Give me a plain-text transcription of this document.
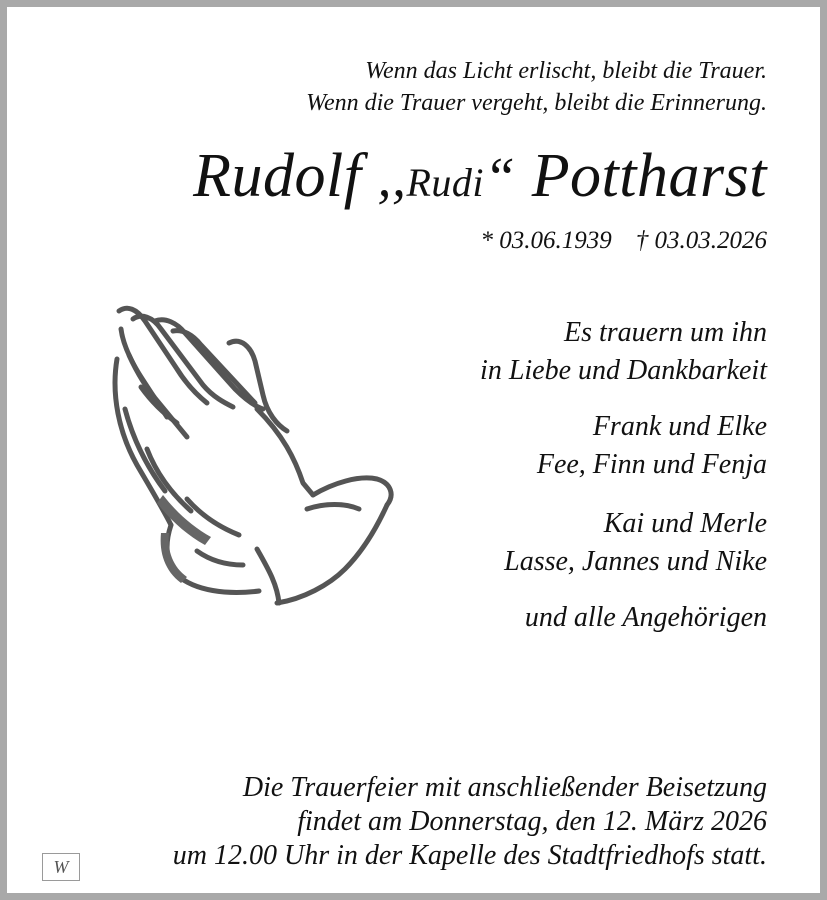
Wenn das Licht erlischt, bleibt die Trauer.
Wenn die Trauer vergeht, bleibt die Erinnerung.
Rudolf ,,Rudi“ Pottharst
* 03.06.1939 † 03.03.2026
Es trauern um ihn
in Liebe und Dankbarkeit
Frank und Elke
Fee, Finn und Fenja
Kai und Merle
Lasse, Jannes und Nike
und alle Angehörigen
Die Trauerfeier mit anschließender Beisetzung
findet am Donnerstag, den 12. März 2026
um 12.00 Uhr in der Kapelle des Stadtfriedhofs statt.
W
